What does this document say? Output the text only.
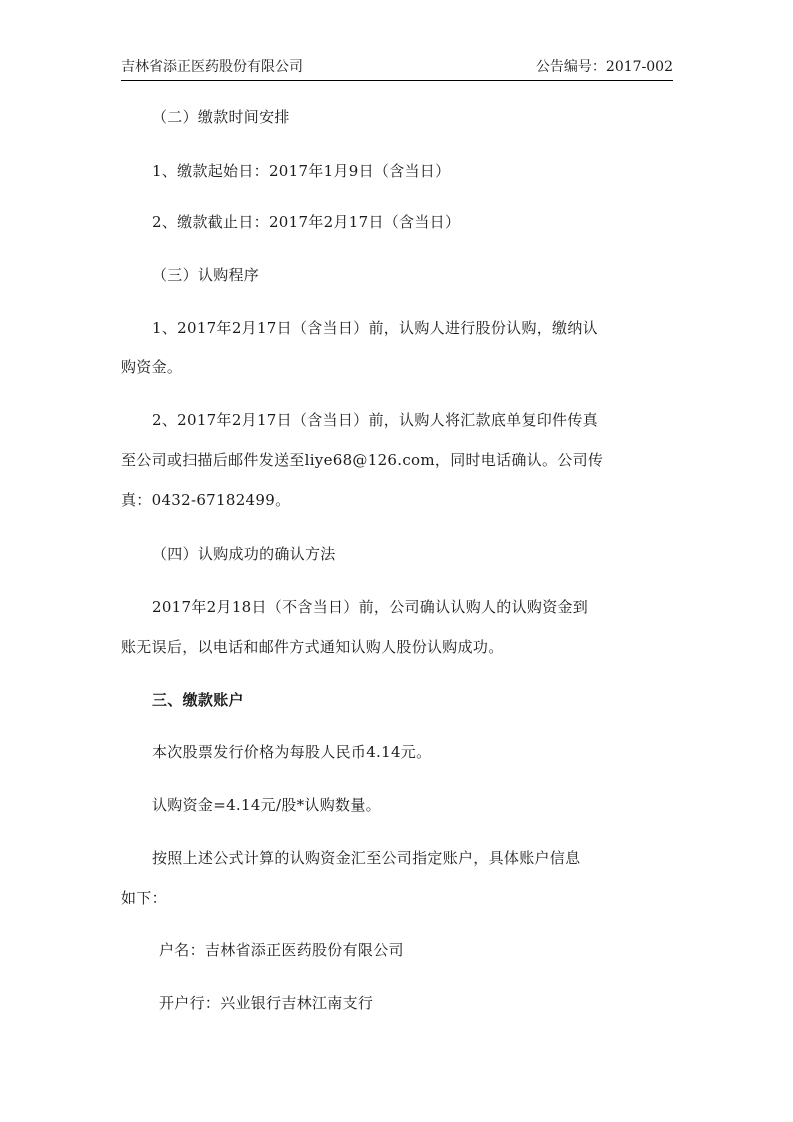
吉林省添正医药股份有限公司	公告编号：2017-002
（二）缴款时间安排
1、缴款起始日：2017年1月9日（含当日）
2、缴款截止日：2017年2月17日（含当日）
（三）认购程序
1、2017年2月17日（含当日）前，认购人进行股份认购，缴纳认
购资金。
2、2017年2月17日（含当日）前，认购人将汇款底单复印件传真
至公司或扫描后邮件发送至liye68@126.com，同时电话确认。公司传
真：0432-67182499。
（四）认购成功的确认方法
2017年2月18日（不含当日）前，公司确认认购人的认购资金到
账无误后，以电话和邮件方式通知认购人股份认购成功。
三、缴款账户
本次股票发行价格为每股人民币4.14元。
认购资金=4.14元/股*认购数量。
按照上述公式计算的认购资金汇至公司指定账户，具体账户信息
如下：
户名：吉林省添正医药股份有限公司
开户行：兴业银行吉林江南支行
